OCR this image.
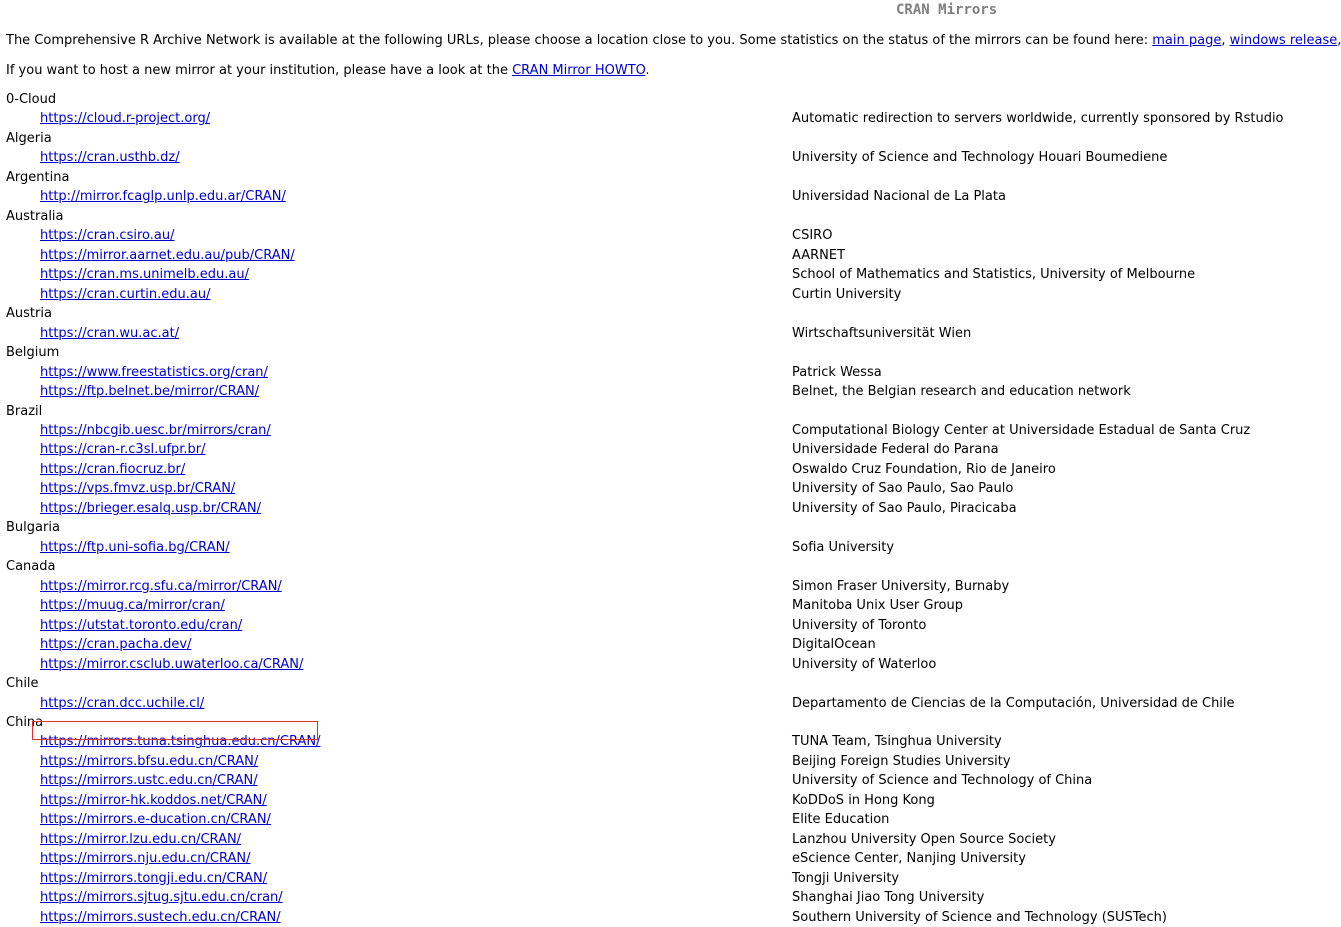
CRAN Mirrors
The Comprehensive R Archive Network is available at the following URLs, please choose a location close to you. Some statistics on the status of the mirrors can be found here: main page, windows release,
If you want to host a new mirror at your institution, please have a look at the CRAN Mirror HOWTO.
0-Cloud
https://cloud.r-project.org/	Automatic redirection to servers worldwide, currently sponsored by Rstudio
Algeria
https://cran.usthb.dz/	University of Science and Technology Houari Boumediene
Argentina
http://mirror.fcaglp.unlp.edu.ar/CRAN/	Universidad Nacional de La Plata
Australia
https://cran.csiro.au/	CSIRO
https://mirror.aarnet.edu.au/pub/CRAN/	AARNET
https://cran.ms.unimelb.edu.au/	School of Mathematics and Statistics, University of Melbourne
https://cran.curtin.edu.au/	Curtin University
Austria
https://cran.wu.ac.at/	Wirtschaftsuniversität Wien
Belgium
https://www.freestatistics.org/cran/	Patrick Wessa
https://ftp.belnet.be/mirror/CRAN/	Belnet, the Belgian research and education network
Brazil
https://nbcgib.uesc.br/mirrors/cran/	Computational Biology Center at Universidade Estadual de Santa Cruz
https://cran-r.c3sl.ufpr.br/	Universidade Federal do Parana
https://cran.fiocruz.br/	Oswaldo Cruz Foundation, Rio de Janeiro
https://vps.fmvz.usp.br/CRAN/	University of Sao Paulo, Sao Paulo
https://brieger.esalq.usp.br/CRAN/	University of Sao Paulo, Piracicaba
Bulgaria
https://ftp.uni-sofia.bg/CRAN/	Sofia University
Canada
https://mirror.rcg.sfu.ca/mirror/CRAN/	Simon Fraser University, Burnaby
https://muug.ca/mirror/cran/	Manitoba Unix User Group
https://utstat.toronto.edu/cran/	University of Toronto
https://cran.pacha.dev/	DigitalOcean
https://mirror.csclub.uwaterloo.ca/CRAN/	University of Waterloo
Chile
https://cran.dcc.uchile.cl/	Departamento de Ciencias de la Computación, Universidad de Chile
China
https://mirrors.tuna.tsinghua.edu.cn/CRAN/	TUNA Team, Tsinghua University
https://mirrors.bfsu.edu.cn/CRAN/	Beijing Foreign Studies University
https://mirrors.ustc.edu.cn/CRAN/	University of Science and Technology of China
https://mirror-hk.koddos.net/CRAN/	KoDDoS in Hong Kong
https://mirrors.e-ducation.cn/CRAN/	Elite Education
https://mirror.lzu.edu.cn/CRAN/	Lanzhou University Open Source Society
https://mirrors.nju.edu.cn/CRAN/	eScience Center, Nanjing University
https://mirrors.tongji.edu.cn/CRAN/	Tongji University
https://mirrors.sjtug.sjtu.edu.cn/cran/	Shanghai Jiao Tong University
https://mirrors.sustech.edu.cn/CRAN/	Southern University of Science and Technology (SUSTech)
